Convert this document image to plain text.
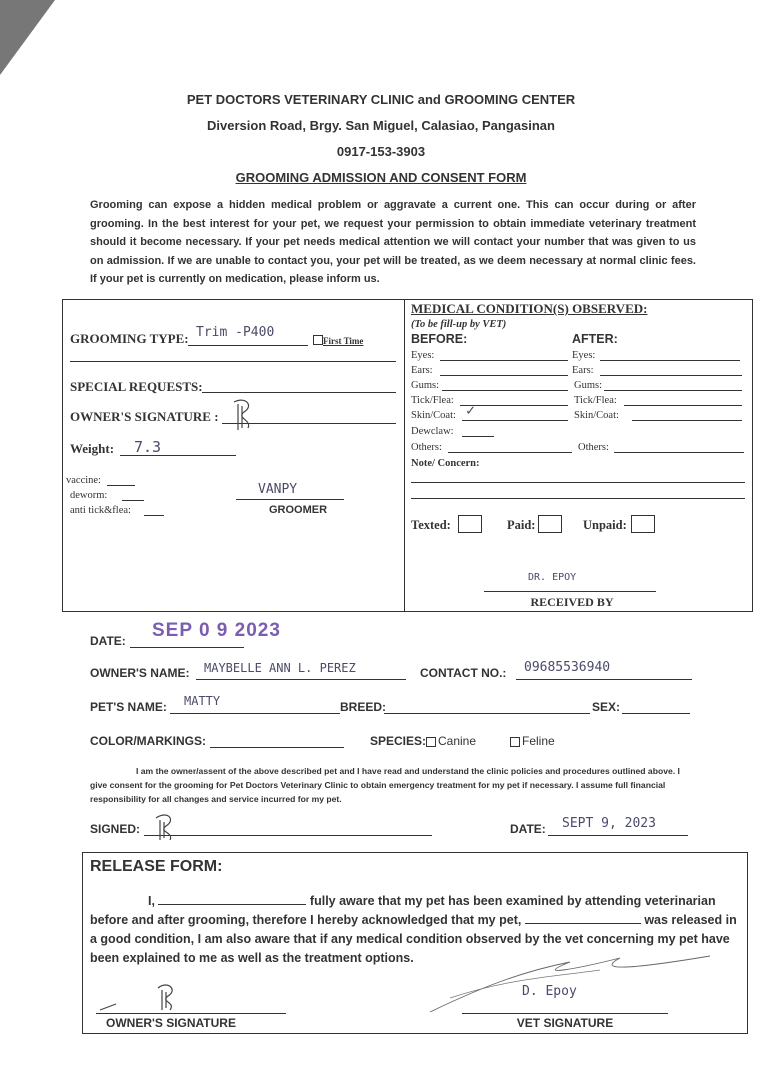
PET DOCTORS VETERINARY CLINIC and GROOMING CENTER
Diversion Road, Brgy. San Miguel, Calasiao, Pangasinan
0917-153-3903
GROOMING ADMISSION AND CONSENT FORM
Grooming can expose a hidden medical problem or aggravate a current one. This can occur during or after grooming. In the best interest for your pet, we request your permission to obtain immediate veterinary treatment should it become necessary. If your pet needs medical attention we will contact your number that was given to us on admission. If we are unable to contact you, your pet will be treated, as we deem necessary at normal clinic fees. If your pet is currently on medication, please inform us.
GROOMING TYPE: Trim -P400
First Time
SPECIAL REQUESTS:
OWNER'S SIGNATURE :
Weight: 7.3
vaccine:
deworm:
anti tick&flea:
VANPY
GROOMER
MEDICAL CONDITION(S) OBSERVED:
(To be fill-up by VET)
BEFORE:	AFTER:
Eyes:	Eyes:
Ears:	Ears:
Gums:	Gums:
Tick/Flea:	Tick/Flea:
Skin/Coat: ✓	Skin/Coat:
Dewclaw:
Others:	Others:
Note/ Concern:
Texted:	Paid:	Unpaid:
DR. EPOY
RECEIVED BY
DATE: SEP 0 9 2023
OWNER'S NAME: MAYBELLE ANN L. PEREZ	CONTACT NO.: 09685536940
PET'S NAME: MATTY	BREED:	SEX:
COLOR/MARKINGS:	SPECIES: Canine	Feline
I am the owner/assent of the above described pet and I have read and understand the clinic policies and procedures outlined above. I give consent for the grooming for Pet Doctors Veterinary Clinic to obtain emergency treatment for my pet if necessary. I assume full financial responsibility for all changes and service incurred for my pet.
SIGNED:	DATE: SEPT 9, 2023
RELEASE FORM:
I,	fully aware that my pet has been examined by attending veterinarian before and after grooming, therefore I hereby acknowledged that my pet,	was released in a good condition, I am also aware that if any medical condition observed by the vet concerning my pet have been explained to me as well as the treatment options.
OWNER'S SIGNATURE
D. Epoy
VET SIGNATURE
